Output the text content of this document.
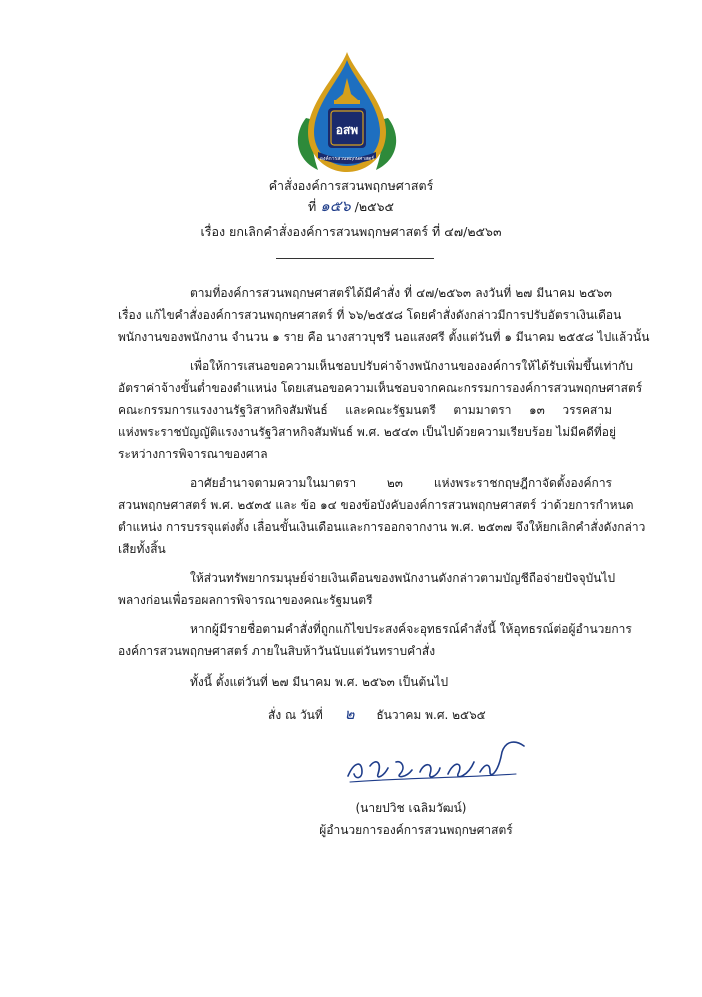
อสพ
องค์การสวนพฤกษศาสตร์
คำสั่งองค์การสวนพฤกษศาสตร์
ที่ ๑๕๖ /๒๕๖๕
เรื่อง ยกเลิกคำสั่งองค์การสวนพฤกษศาสตร์ ที่ ๔๗/๒๕๖๓
ตามที่องค์การสวนพฤกษศาสตร์ได้มีคำสั่ง ที่ ๔๗/๒๕๖๓ ลงวันที่ ๒๗ มีนาคม ๒๕๖๓
เรื่อง แก้ไขคำสั่งองค์การสวนพฤกษศาสตร์ ที่ ๖๖/๒๕๕๘ โดยคำสั่งดังกล่าวมีการปรับอัตราเงินเดือน
พนักงานของพนักงาน จำนวน ๑ ราย คือ นางสาวบุชรี นอแสงศรี ตั้งแต่วันที่ ๑ มีนาคม ๒๕๕๘ ไปแล้วนั้น
เพื่อให้การเสนอขอความเห็นชอบปรับค่าจ้างพนักงานขององค์การให้ได้รับเพิ่มขึ้นเท่ากับ
อัตราค่าจ้างขั้นต่ำของตำแหน่ง โดยเสนอขอความเห็นชอบจากคณะกรรมการองค์การสวนพฤกษศาสตร์
คณะกรรมการแรงงานรัฐวิสาหกิจสัมพันธ์ และคณะรัฐมนตรี ตามมาตรา ๑๓ วรรคสาม
แห่งพระราชบัญญัติแรงงานรัฐวิสาหกิจสัมพันธ์ พ.ศ. ๒๕๔๓ เป็นไปด้วยความเรียบร้อย ไม่มีคดีที่อยู่
ระหว่างการพิจารณาของศาล
อาศัยอำนาจตามความในมาตรา ๒๓ แห่งพระราชกฤษฎีกาจัดตั้งองค์การ
สวนพฤกษศาสตร์ พ.ศ. ๒๕๓๕ และ ข้อ ๑๔ ของข้อบังคับองค์การสวนพฤกษศาสตร์ ว่าด้วยการกำหนด
ตำแหน่ง การบรรจุแต่งตั้ง เลื่อนขั้นเงินเดือนและการออกจากงาน พ.ศ. ๒๕๓๗ จึงให้ยกเลิกคำสั่งดังกล่าว
เสียทั้งสิ้น
ให้ส่วนทรัพยากรมนุษย์จ่ายเงินเดือนของพนักงานดังกล่าวตามบัญชีถือจ่ายปัจจุบันไป
พลางก่อนเพื่อรอผลการพิจารณาของคณะรัฐมนตรี
หากผู้มีรายชื่อตามคำสั่งที่ถูกแก้ไขประสงค์จะอุทธรณ์คำสั่งนี้ ให้อุทธรณ์ต่อผู้อำนวยการ
องค์การสวนพฤกษศาสตร์ ภายในสิบห้าวันนับแต่วันทราบคำสั่ง
ทั้งนี้ ตั้งแต่วันที่ ๒๗ มีนาคม พ.ศ. ๒๕๖๓ เป็นต้นไป
สั่ง ณ วันที่ ๒ ธันวาคม พ.ศ. ๒๕๖๕
(นายปวิช เฉลิมวัฒน์)
ผู้อำนวยการองค์การสวนพฤกษศาสตร์
